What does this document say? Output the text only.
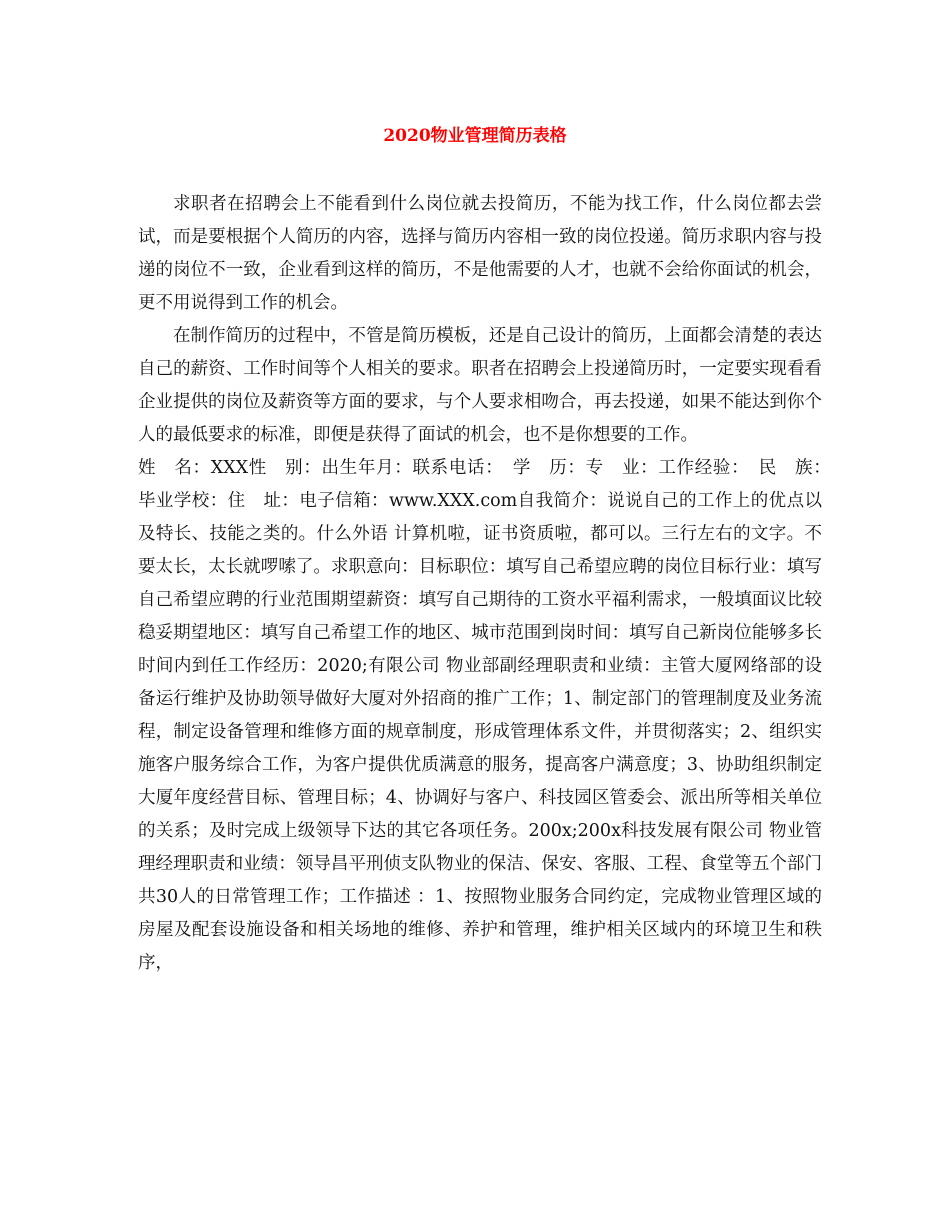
2020物业管理简历表格

求职者在招聘会上不能看到什么岗位就去投简历，不能为找工作，什么岗位都去尝试，而是要根据个人简历的内容，选择与简历内容相一致的岗位投递。简历求职内容与投递的岗位不一致，企业看到这样的简历，不是他需要的人才，也就不会给你面试的机会，更不用说得到工作的机会。

在制作简历的过程中，不管是简历模板，还是自己设计的简历，上面都会清楚的表达自己的薪资、工作时间等个人相关的要求。职者在招聘会上投递简历时，一定要实现看看企业提供的岗位及薪资等方面的要求，与个人要求相吻合，再去投递，如果不能达到你个人的最低要求的标准，即便是获得了面试的机会，也不是你想要的工作。

姓　名：XXX性　别：出生年月：联系电话：　学　历：专　业：工作经验：　民　族：　毕业学校：住　址：电子信箱：www.XXX.com自我简介：说说自己的工作上的优点以及特长、技能之类的。什么外语 计算机啦，证书资质啦，都可以。三行左右的文字。不要太长，太长就啰嗦了。求职意向：目标职位：填写自己希望应聘的岗位目标行业：填写自己希望应聘的行业范围期望薪资：填写自己期待的工资水平福利需求，一般填面议比较稳妥期望地区：填写自己希望工作的地区、城市范围到岗时间：填写自己新岗位能够多长时间内到任工作经历：2020;有限公司 物业部副经理职责和业绩：主管大厦网络部的设备运行维护及协助领导做好大厦对外招商的推广工作；1、制定部门的管理制度及业务流程，制定设备管理和维修方面的规章制度，形成管理体系文件，并贯彻落实；2、组织实施客户服务综合工作，为客户提供优质满意的服务，提高客户满意度；3、协助组织制定大厦年度经营目标、管理目标；4、协调好与客户、科技园区管委会、派出所等相关单位的关系；及时完成上级领导下达的其它各项任务。200x;200x科技发展有限公司 物业管理经理职责和业绩：领导昌平刑侦支队物业的保洁、保安、客服、工程、食堂等五个部门共30人的日常管理工作；工作描述 ：1、按照物业服务合同约定，完成物业管理区域的房屋及配套设施设备和相关场地的维修、养护和管理，维护相关区域内的环境卫生和秩序，
